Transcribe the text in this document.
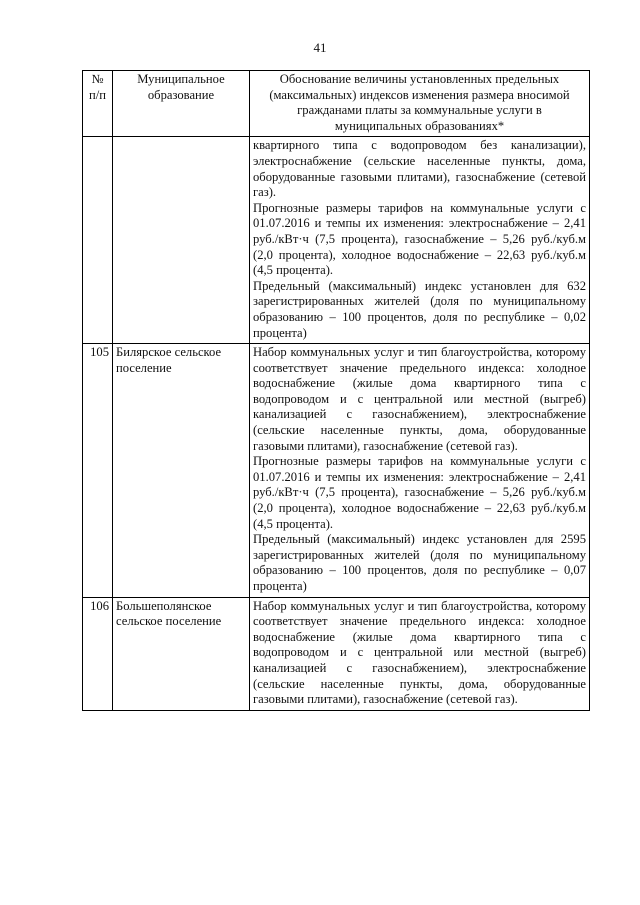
41
№ п/п	Муниципальное образование	Обоснование величины установленных предельных (максимальных) индексов изменения размера вносимой гражданами платы за коммунальные услуги в муниципальных образованиях*

		квартирного типа с водопроводом без канализации), электроснабжение (сельские населенные пункты, дома, оборудованные газовыми плитами), газоснабжение (сетевой газ).

Прогнозные размеры тарифов на коммунальные услуги с 01.07.2016 и темпы их изменения: электроснабжение – 2,41 руб./кВт·ч (7,5 процента), газоснабжение – 5,26 руб./куб.м (2,0 процента), холодное водоснабжение – 22,63 руб./куб.м (4,5 процента).

Предельный (максимальный) индекс установлен для 632 зарегистрированных жителей (доля по муниципальному образованию – 100 процентов, доля по республике – 0,02 процента)

105	Билярское сельское поселение	Набор коммунальных услуг и тип благоустройства, которому соответствует значение предельного индекса: холодное водоснабжение (жилые дома квартирного типа с водопроводом и с центральной или местной (выгреб) канализацией с газоснабжением), электроснабжение (сельские населенные пункты, дома, оборудованные газовыми плитами), газоснабжение (сетевой газ).

Прогнозные размеры тарифов на коммунальные услуги с 01.07.2016 и темпы их изменения: электроснабжение – 2,41 руб./кВт·ч (7,5 процента), газоснабжение – 5,26 руб./куб.м (2,0 процента), холодное водоснабжение – 22,63 руб./куб.м (4,5 процента).

Предельный (максимальный) индекс установлен для 2595 зарегистрированных жителей (доля по муниципальному образованию – 100 процентов, доля по республике – 0,07 процента)

106	Большеполянское сельское поселение	Набор коммунальных услуг и тип благоустройства, которому соответствует значение предельного индекса: холодное водоснабжение (жилые дома квартирного типа с водопроводом и с центральной или местной (выгреб) канализацией с газоснабжением), электроснабжение (сельские населенные пункты, дома, оборудованные газовыми плитами), газоснабжение (сетевой газ).
